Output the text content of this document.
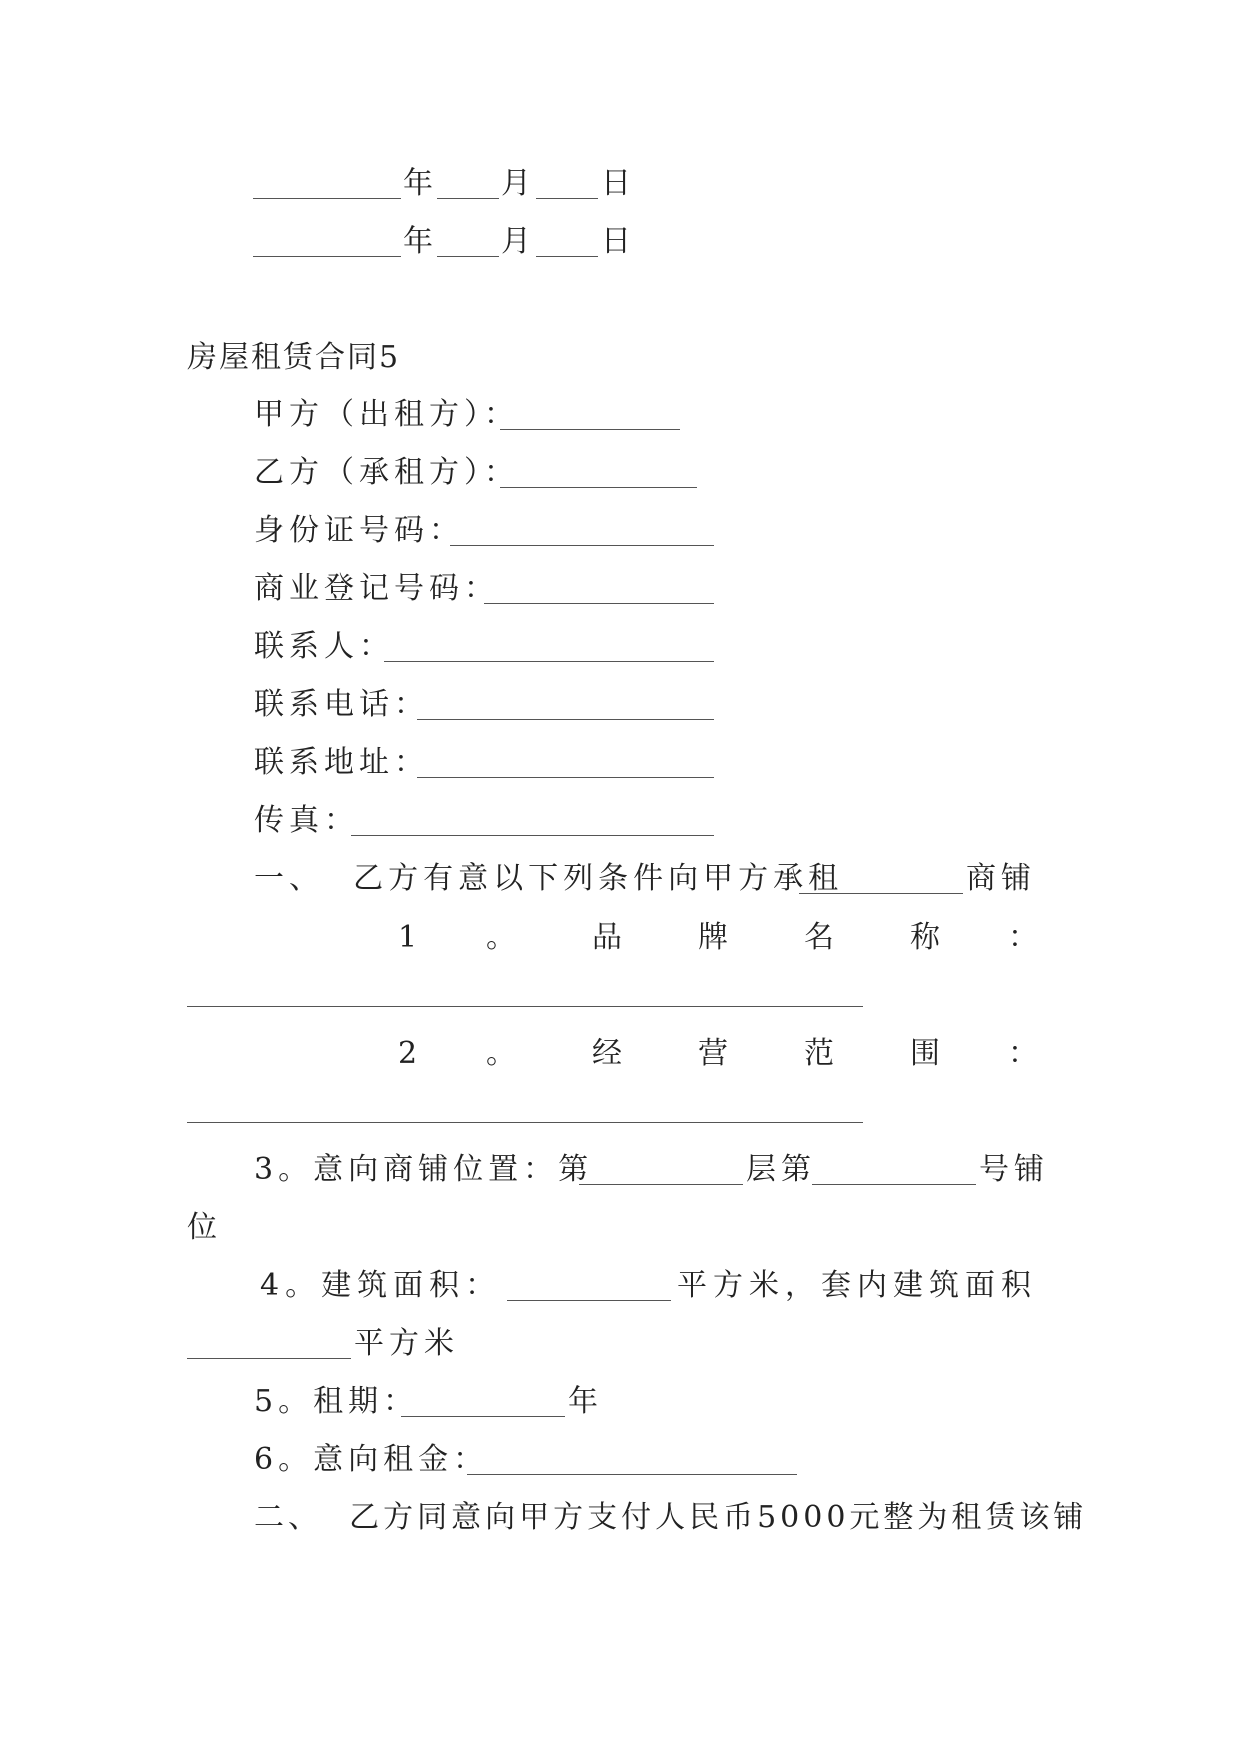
年 月 日
年 月 日
房屋租赁合同5
甲方（出租方）：
乙方（承租方）：
身份证号码：
商业登记号码：
联系人：
联系电话：
联系地址：
传真：
一、  乙方有意以下列条件向甲方承租	商铺
1 。	品	牌	名	称 ：
2 。	经	营	范	围 ：
3。意向商铺位置：第	层第	号铺
位
4。建筑面积：	平方米，套内建筑面积
平方米
5。租期：	年
6。意向租金：
二、  乙方同意向甲方支付人民币5000元整为租赁该铺
